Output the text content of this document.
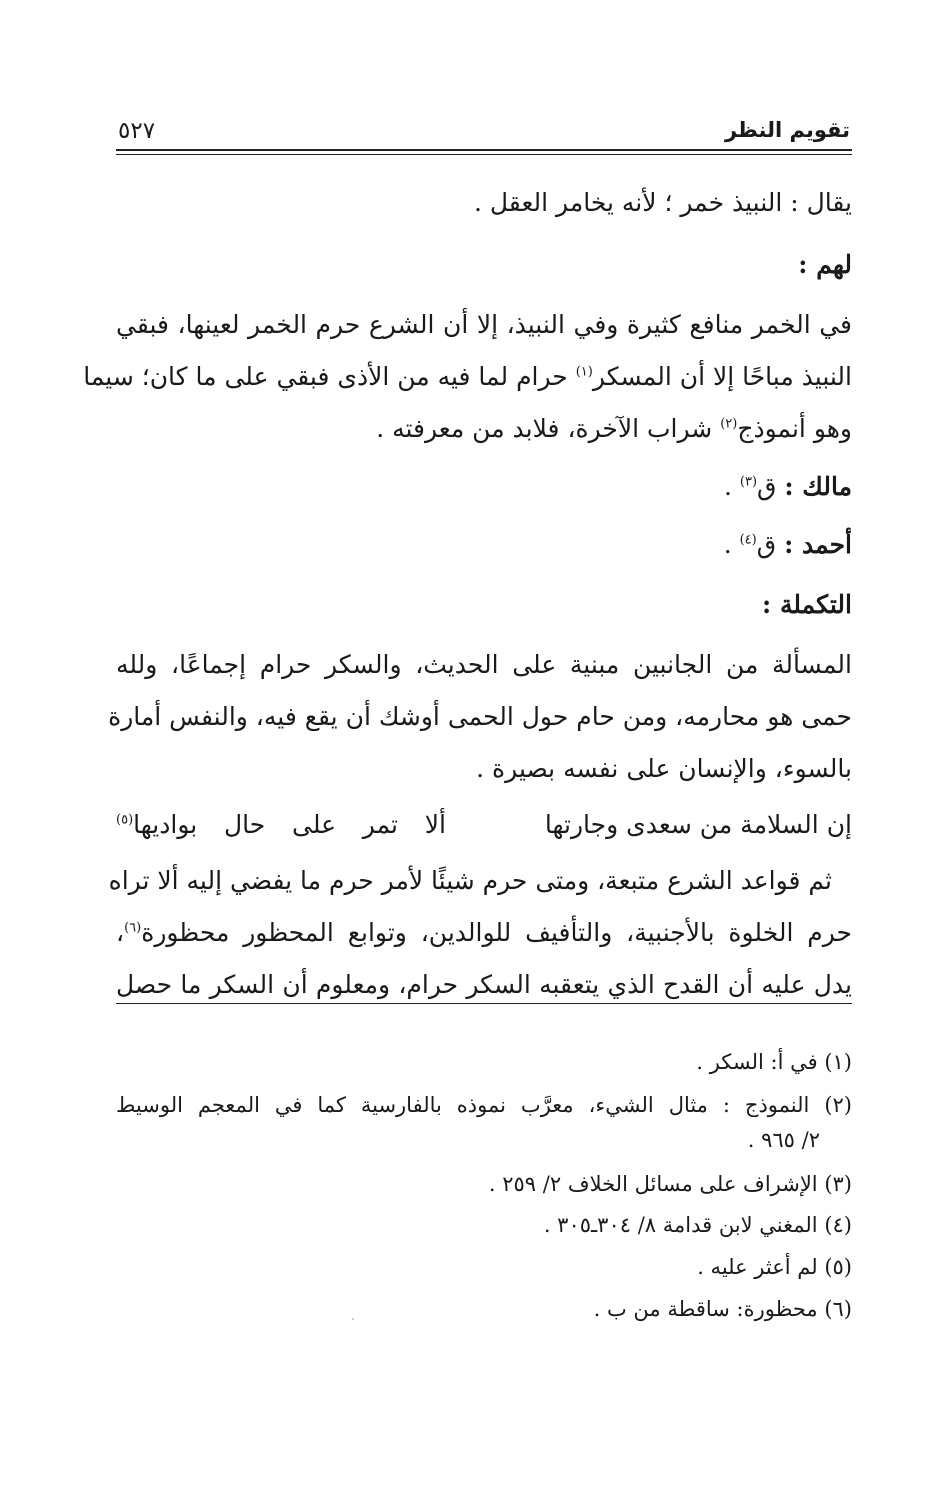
تقويم النظر
٥٢٧
يقال : النبيذ خمر ؛ لأنه يخامر العقل .
لهم :
في الخمر منافع كثيرة وفي النبيذ، إلا أن الشرع حرم الخمر لعينها، فبقي
النبيذ مباحًا إلا أن المسكر$^{(١)}$ حرام لما فيه من الأذى فبقي على ما كان؛ سيما
وهو أنموذج$^{(٢)}$ شراب الآخرة، فلابد من معرفته .
مالك : ق$^{(٣)}$ .
أحمد : ق$^{(٤)}$ .
التكملة :
المسألة من الجانبين مبنية على الحديث، والسكر حرام إجماعًا، ولله
حمى هو محارمه، ومن حام حول الحمى أوشك أن يقع فيه، والنفس أمارة
بالسوء، والإنسان على نفسه بصيرة .
إن السلامة من سعدى وجارتها
ألا تمر على حال بواديها$^{(٥)}$
ثم قواعد الشرع متبعة، ومتى حرم شيئًا لأمر حرم ما يفضي إليه ألا تراه
حرم الخلوة بالأجنبية، والتأفيف للوالدين، وتوابع المحظور محظورة$^{(٦)}$،
يدل عليه أن القدح الذي يتعقبه السكر حرام، ومعلوم أن السكر ما حصل
(١) في أ: السكر .
(٢) النموذج : مثال الشيء، معرَّب نموذه بالفارسية كما في المعجم الوسيط
٢/ ٩٦٥ .
(٣) الإشراف على مسائل الخلاف ٢/ ٢٥٩ .
(٤) المغني لابن قدامة ٨/ ٣٠٤ـ٣٠٥ .
(٥) لم أعثر عليه .
(٦) محظورة: ساقطة من ب .
